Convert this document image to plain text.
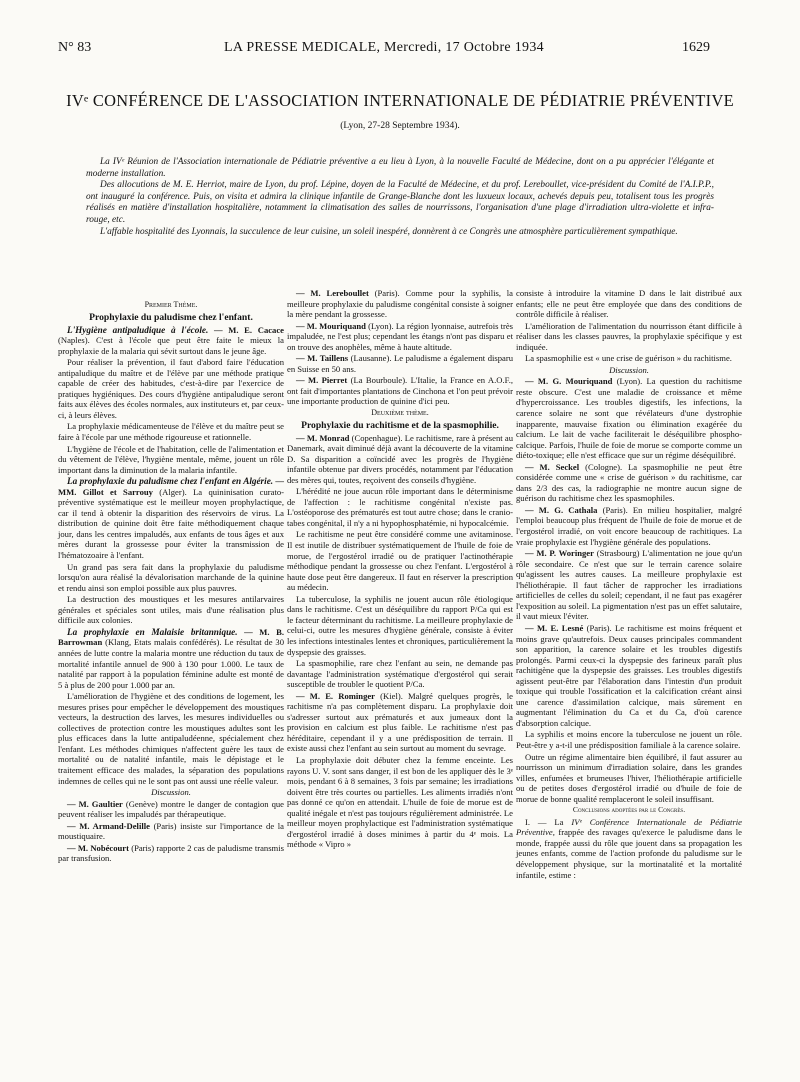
N° 83	LA PRESSE MEDICALE, Mercredi, 17 Octobre 1934	1629
IVᵉ CONFÉRENCE DE L'ASSOCIATION INTERNATIONALE DE PÉDIATRIE PRÉVENTIVE
(Lyon, 27-28 Septembre 1934).

La IVᵉ Réunion de l'Association internationale de Pédiatrie préventive a eu lieu à Lyon, à la nouvelle Faculté de Médecine, dont on a pu apprécier l'élégante et moderne installation.

Des allocutions de M. E. Herriot, maire de Lyon, du prof. Lépine, doyen de la Faculté de Médecine, et du prof. Lereboullet, vice-président du Comité de l'A.I.P.P., ont inauguré la conférence. Puis, on visita et admira la clinique infantile de Grange-Blanche dont les luxueux locaux, achevés depuis peu, totalisent tous les progrès réalisés en matière d'installation hospitalière, notamment la climatisation des salles de nourrissons, l'organisation d'une plage d'irradiation ultra-violette et infra-rouge, etc.

L'affable hospitalité des Lyonnais, la succulence de leur cuisine, un soleil inespéré, donnèrent à ce Congrès une atmosphère particulièrement sympathique.

Premier Thème.

Prophylaxie du paludisme chez l'enfant.

L'Hygiène antipaludique à l'école. — M. E. Cacace (Naples). C'est à l'école que peut être faite le mieux la prophylaxie de la malaria qui sévit surtout dans le jeune âge.

Pour réaliser la prévention, il faut d'abord faire l'éducation antipaludique du maître et de l'élève par une méthode pratique capable de créer des habitudes, c'est-à-dire par l'exercice de pratiques hygiéniques. Des cours d'hygiène antipaludique seront faits aux élèves des écoles normales, aux instituteurs et, par ceux-ci, à leurs élèves.

La prophylaxie médicamenteuse de l'élève et du maître peut se faire à l'école par une méthode rigoureuse et rationnelle.

L'hygiène de l'école et de l'habitation, celle de l'alimentation et du vêtement de l'élève, l'hygiène mentale, même, jouent un rôle important dans la diminution de la malaria infantile.

La prophylaxie du paludisme chez l'enfant en Algérie. — MM. Gillot et Sarrouy (Alger). La quininisation curato-préventive systématique est le meilleur moyen prophylactique, car il tend à obtenir la disparition des réservoirs de virus. La distribution de quinine doit être faite méthodiquement chaque jour, dans les centres impaludés, aux enfants de tous âges et aux mères durant la grossesse pour éviter la transmission de l'hématozoaire à l'enfant.

Un grand pas sera fait dans la prophylaxie du paludisme lorsqu'on aura réalisé la dévalorisation marchande de la quinine et rendu ainsi son emploi possible aux plus pauvres.

La destruction des moustiques et les mesures antilarvaires générales et spéciales sont utiles, mais d'une réalisation plus difficile aux colonies.

La prophylaxie en Malaisie britannique. — M. B. Barrowman (Klang, Etats malais confédérés). Le résultat de 30 années de lutte contre la malaria montre une réduction du taux de mortalité infantile annuel de 900 à 130 pour 1.000. Le taux de natalité par rapport à la population féminine adulte est monté de 5 à plus de 200 pour 1.000 par an.

L'amélioration de l'hygiène et des conditions de logement, les mesures prises pour empêcher le développement des moustiques vecteurs, la destruction des larves, les mesures individuelles ou collectives de protection contre les moustiques adultes sont les plus efficaces dans la lutte antipaludéenne, spécialement chez l'enfant. Les méthodes chimiques n'affectent guère les taux de mortalité ou de natalité infantile, mais le dépistage et le traitement efficace des malades, la séparation des populations indemnes de celles qui ne le sont pas ont aussi une réelle valeur.

Discussion.

— M. Gaultier (Genève) montre le danger de contagion que peuvent réaliser les impaludés par thérapeutique.

— M. Armand-Delille (Paris) insiste sur l'importance de la moustiquaire.

— M. Nobécourt (Paris) rapporte 2 cas de paludisme transmis par transfusion.

— M. Lereboullet (Paris). Comme pour la syphilis, la meilleure prophylaxie du paludisme congénital consiste à soigner la mère pendant la grossesse.

— M. Mouriquand (Lyon). La région lyonnaise, autrefois très impaludée, ne l'est plus; cependant les étangs n'ont pas disparu et on trouve des anophèles, même à haute altitude.

— M. Taillens (Lausanne). Le paludisme a également disparu en Suisse en 50 ans.

— M. Pierret (La Bourboule). L'Italie, la France en A.O.F., ont fait d'importantes plantations de Cinchona et l'on peut prévoir une importante production de quinine d'ici peu.

Deuxième thème.

Prophylaxie du rachitisme et de la spasmophilie.

— M. Monrad (Copenhague). Le rachitisme, rare à présent au Danemark, avait diminué déjà avant la découverte de la vitamine D. Sa disparition a coïncidé avec les progrès de l'hygiène infantile obtenue par divers procédés, notamment par l'éducation des mères qui, toutes, reçoivent des conseils d'hygiène.

L'hérédité ne joue aucun rôle important dans le déterminisme de l'affection : le rachitisme congénital n'existe pas. L'ostéoporose des prématurés est tout autre chose; dans le cranio-tabes congénital, il n'y a ni hypophosphatémie, ni hypocalcémie.

Le rachitisme ne peut être considéré comme une avitaminose. Il est inutile de distribuer systématiquement de l'huile de foie de morue, de l'ergostérol irradié ou de pratiquer l'actinothérapie méthodique pendant la grossesse ou chez l'enfant. L'ergostérol à haute dose peut être dangereux. Il faut en réserver la prescription au médecin.

La tuberculose, la syphilis ne jouent aucun rôle étiologique dans le rachitisme. C'est un déséquilibre du rapport P/Ca qui est le facteur déterminant du rachitisme. La meilleure prophylaxie de celui-ci, outre les mesures d'hygiène générale, consiste à éviter les infections intestinales lentes et chroniques, particulièrement la dyspepsie des graisses.

La spasmophilie, rare chez l'enfant au sein, ne demande pas davantage l'administration systématique d'ergostérol qui serait susceptible de troubler le quotient P/Ca.

— M. E. Rominger (Kiel). Malgré quelques progrès, le rachitisme n'a pas complètement disparu. La prophylaxie doit s'adresser surtout aux prématurés et aux jumeaux dont la provision en calcium est plus faible. Le rachitisme n'est pas héréditaire, cependant il y a une prédisposition de terrain. Il existe aussi chez l'enfant au sein surtout au moment du sevrage.

La prophylaxie doit débuter chez la femme enceinte. Les rayons U. V. sont sans danger, il est bon de les appliquer dès le 3ᵉ mois, pendant 6 à 8 semaines, 3 fois par semaine; les irradiations doivent être très courtes ou partielles. Les aliments irradiés n'ont pas donné ce qu'on en attendait. L'huile de foie de morue est de qualité inégale et n'est pas toujours régulièrement administrée. Le meilleur moyen prophylactique est l'administration systématique d'ergostérol irradié à doses minimes à partir du 4ᵉ mois. La méthode « Vipro »

consiste à introduire la vitamine D dans le lait distribué aux enfants; elle ne peut être employée que dans des conditions de contrôle difficile à réaliser.

L'amélioration de l'alimentation du nourrisson étant difficile à réaliser dans les classes pauvres, la prophylaxie spécifique y est indiquée.

La spasmophilie est « une crise de guérison » du rachitisme.

Discussion.

— M. G. Mouriquand (Lyon). La question du rachitisme reste obscure. C'est une maladie de croissance et même d'hypercroissance. Les troubles digestifs, les infections, la carence solaire ne sont que révélateurs d'une dystrophie inapparente, mauvaise fixation ou élimination exagérée du calcium. Le lait de vache faciliterait le déséquilibre phospho-calcique. Parfois, l'huile de foie de morue se comporte comme un diéto-toxique; elle n'est efficace que sur un régime déséquilibré.

— M. Seckel (Cologne). La spasmophilie ne peut être considérée comme une « crise de guérison » du rachitisme, car dans 2/3 des cas, la radiographie ne montre aucun signe de guérison du rachitisme chez les spasmophiles.

— M. G. Cathala (Paris). En milieu hospitalier, malgré l'emploi beaucoup plus fréquent de l'huile de foie de morue et de l'ergostérol irradié, on voit encore beaucoup de rachitiques. La vraie prophylaxie est l'hygiène générale des populations.

— M. P. Woringer (Strasbourg) L'alimentation ne joue qu'un rôle secondaire. Ce n'est que sur le terrain carence solaire qu'agissent les autres causes. La meilleure prophylaxie est l'héliothérapie. Il faut tâcher de rapprocher les irradiations artificielles de celles du soleil; cependant, il ne faut pas exagérer l'exposition au soleil. La pigmentation n'est pas un effet salutaire, il vaut mieux l'éviter.

— M. E. Lesné (Paris). Le rachitisme est moins fréquent et moins grave qu'autrefois. Deux causes principales commandent son apparition, la carence solaire et les troubles digestifs prolongés. Parmi ceux-ci la dyspepsie des farineux paraît plus rachitigène que la dyspepsie des graisses. Les troubles digestifs agissent peut-être par l'élaboration dans l'intestin d'un produit toxique qui trouble l'ossification et la calcification créant ainsi une carence d'assimilation calcique, mais sûrement en augmentant l'élimination du Ca et du Ca, d'où carence d'absorption calcique.

La syphilis et moins encore la tuberculose ne jouent un rôle. Peut-être y a-t-il une prédisposition familiale à la carence solaire.

Outre un régime alimentaire bien équilibré, il faut assurer au nourrisson un minimum d'irradiation solaire, dans les grandes villes, enfumées et brumeuses l'hiver, l'héliothérapie artificielle ou de petites doses d'ergostérol irradié ou d'huile de foie de morue de bonne qualité remplaceront le soleil insuffisant.

Conclusions adoptées par le Congrès.

I. — La IVᵉ Conférence Internationale de Pédiatrie Préventive, frappée des ravages qu'exerce le paludisme dans le monde, frappée aussi du rôle que jouent dans sa propagation les jeunes enfants, comme de l'action profonde du paludisme sur le développement physique, sur la mortinatalité et la mortalité infantile, estime :
